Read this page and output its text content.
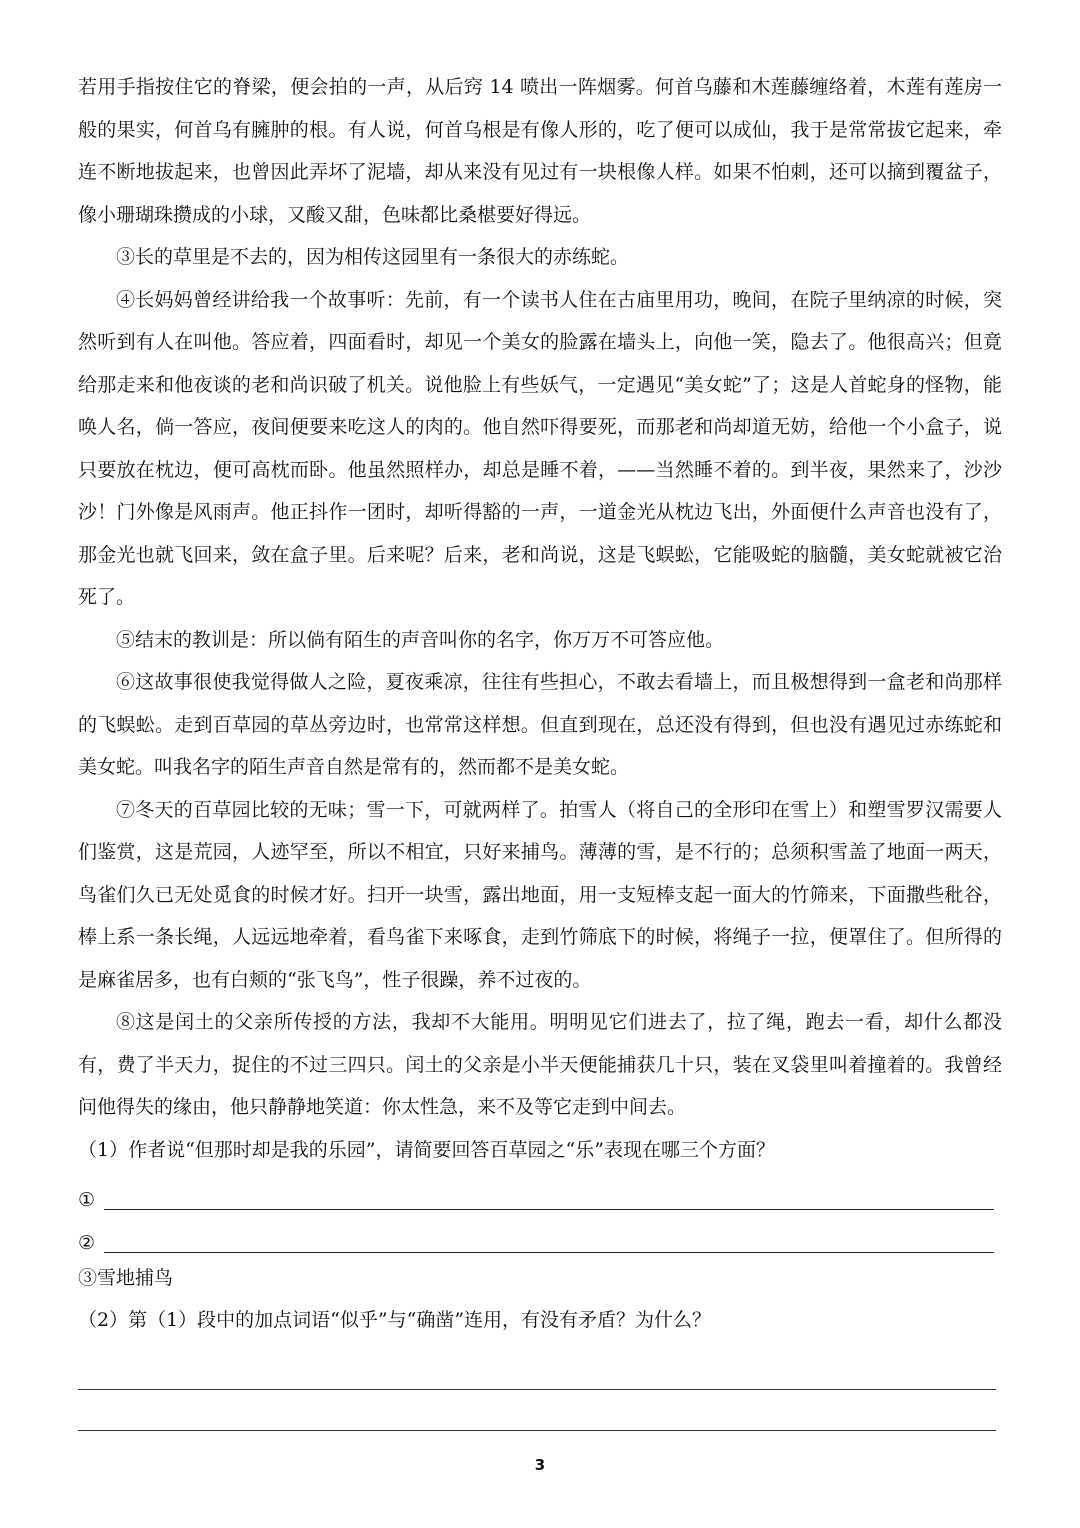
若用手指按住它的脊梁，便会拍的一声，从后窍 14 喷出一阵烟雾。何首乌藤和木莲藤缠络着，木莲有莲房一般的果实，何首乌有臃肿的根。有人说，何首乌根是有像人形的，吃了便可以成仙，我于是常常拔它起来，牵连不断地拔起来，也曾因此弄坏了泥墙，却从来没有见过有一块根像人样。如果不怕刺，还可以摘到覆盆子，像小珊瑚珠攒成的小球，又酸又甜，色味都比桑椹要好得远。

③长的草里是不去的，因为相传这园里有一条很大的赤练蛇。

④长妈妈曾经讲给我一个故事听：先前，有一个读书人住在古庙里用功，晚间，在院子里纳凉的时候，突然听到有人在叫他。答应着，四面看时，却见一个美女的脸露在墙头上，向他一笑，隐去了。他很高兴；但竟给那走来和他夜谈的老和尚识破了机关。说他脸上有些妖气，一定遇见“美女蛇”了；这是人首蛇身的怪物，能唤人名，倘一答应，夜间便要来吃这人的肉的。他自然吓得要死，而那老和尚却道无妨，给他一个小盒子，说只要放在枕边，便可高枕而卧。他虽然照样办，却总是睡不着，——当然睡不着的。到半夜，果然来了，沙沙沙！门外像是风雨声。他正抖作一团时，却听得豁的一声，一道金光从枕边飞出，外面便什么声音也没有了，那金光也就飞回来，敛在盒子里。后来呢？后来，老和尚说，这是飞蜈蚣，它能吸蛇的脑髓，美女蛇就被它治死了。

⑤结末的教训是：所以倘有陌生的声音叫你的名字，你万万不可答应他。

⑥这故事很使我觉得做人之险，夏夜乘凉，往往有些担心，不敢去看墙上，而且极想得到一盒老和尚那样的飞蜈蚣。走到百草园的草丛旁边时，也常常这样想。但直到现在，总还没有得到，但也没有遇见过赤练蛇和美女蛇。叫我名字的陌生声音自然是常有的，然而都不是美女蛇。

⑦冬天的百草园比较的无味；雪一下，可就两样了。拍雪人（将自己的全形印在雪上）和塑雪罗汉需要人们鉴赏，这是荒园，人迹罕至，所以不相宜，只好来捕鸟。薄薄的雪，是不行的；总须积雪盖了地面一两天，鸟雀们久已无处觅食的时候才好。扫开一块雪，露出地面，用一支短棒支起一面大的竹筛来，下面撒些秕谷，棒上系一条长绳，人远远地牵着，看鸟雀下来啄食，走到竹筛底下的时候，将绳子一拉，便罩住了。但所得的是麻雀居多，也有白颊的“张飞鸟”，性子很躁，养不过夜的。

⑧这是闰土的父亲所传授的方法，我却不大能用。明明见它们进去了，拉了绳，跑去一看，却什么都没有，费了半天力，捉住的不过三四只。闰土的父亲是小半天便能捕获几十只，装在叉袋里叫着撞着的。我曾经问他得失的缘由，他只静静地笑道：你太性急，来不及等它走到中间去。

（1）作者说“但那时却是我的乐园”，请简要回答百草园之“乐”表现在哪三个方面？

①
②

③雪地捕鸟

（2）第（1）段中的加点词语“似乎”与“确凿”连用，有没有矛盾？为什么？

3
